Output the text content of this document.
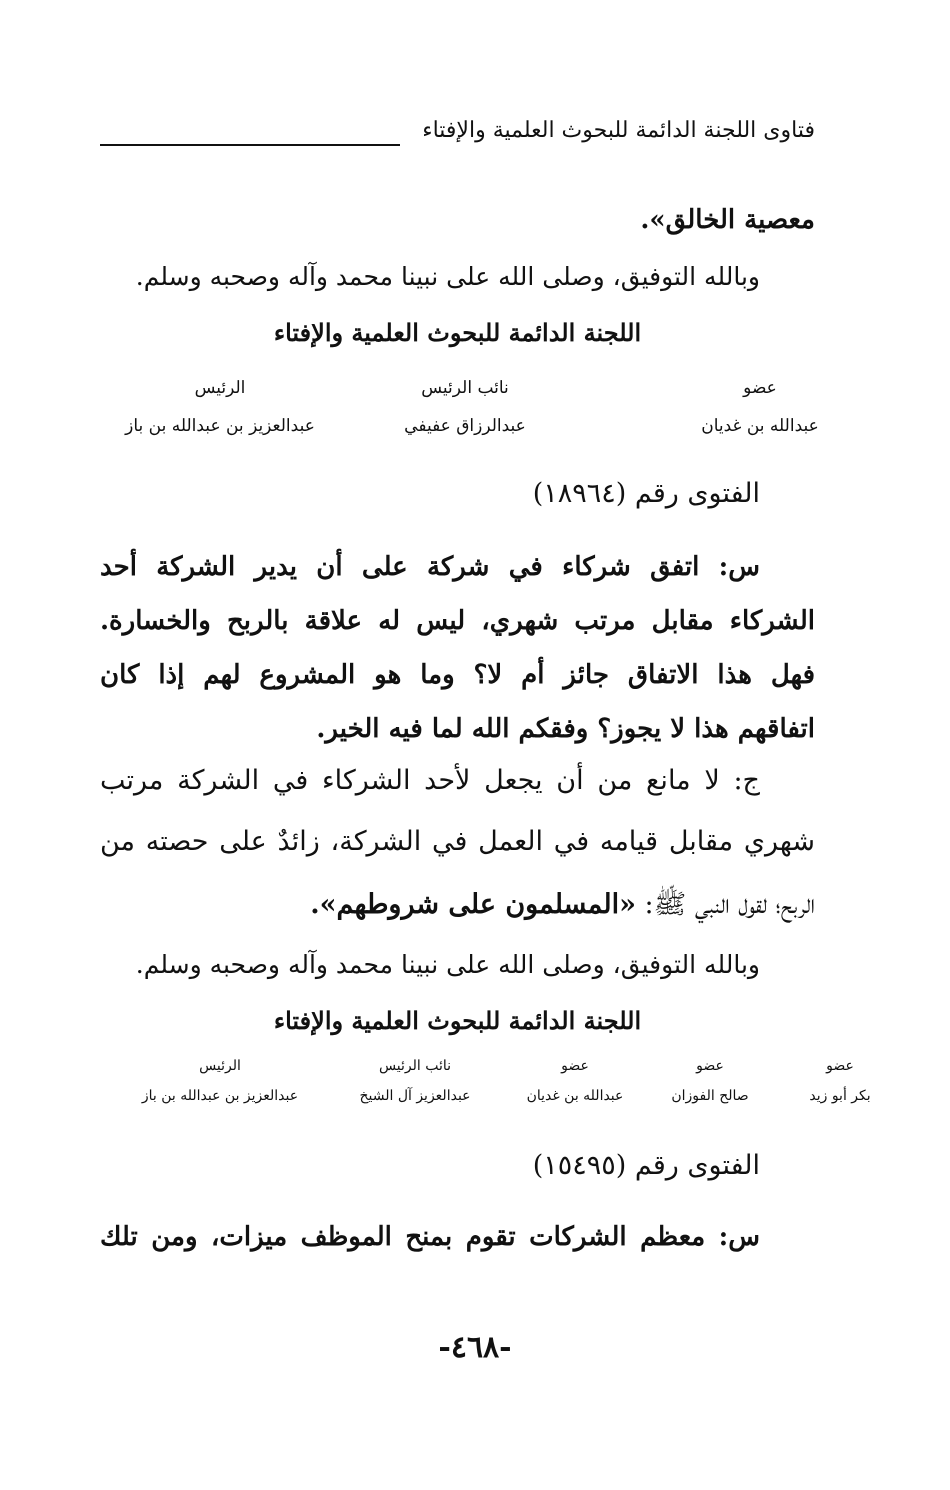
فتاوى اللجنة الدائمة للبحوث العلمية والإفتاء
معصية الخالق».
وبالله التوفيق، وصلى الله على نبينا محمد وآله وصحبه وسلم.
اللجنة الدائمة للبحوث العلمية والإفتاء
عضو
عبدالله بن غديان
نائب الرئيس
عبدالرزاق عفيفي
الرئيس
عبدالعزيز بن عبدالله بن باز
الفتوى رقم (١٨٩٦٤)
س: اتفق شركاء في شركة على أن يدير الشركة أحد
الشركاء مقابل مرتب شهري، ليس له علاقة بالربح والخسارة.
فهل هذا الاتفاق جائز أم لا؟ وما هو المشروع لهم إذا كان
اتفاقهم هذا لا يجوز؟ وفقكم الله لما فيه الخير.
ج: لا مانع من أن يجعل لأحد الشركاء في الشركة مرتب
شهري مقابل قيامه في العمل في الشركة، زائدٌ على حصته من
الربح؛ لقول النبي ﷺ: «المسلمون على شروطهم».
وبالله التوفيق، وصلى الله على نبينا محمد وآله وصحبه وسلم.
اللجنة الدائمة للبحوث العلمية والإفتاء
عضو
بكر أبو زيد
عضو
صالح الفوزان
عضو
عبدالله بن غديان
نائب الرئيس
عبدالعزيز آل الشيخ
الرئيس
عبدالعزيز بن عبدالله بن باز
الفتوى رقم (١٥٤٩٥)
س: معظم الشركات تقوم بمنح الموظف ميزات، ومن تلك
-٤٦٨-
